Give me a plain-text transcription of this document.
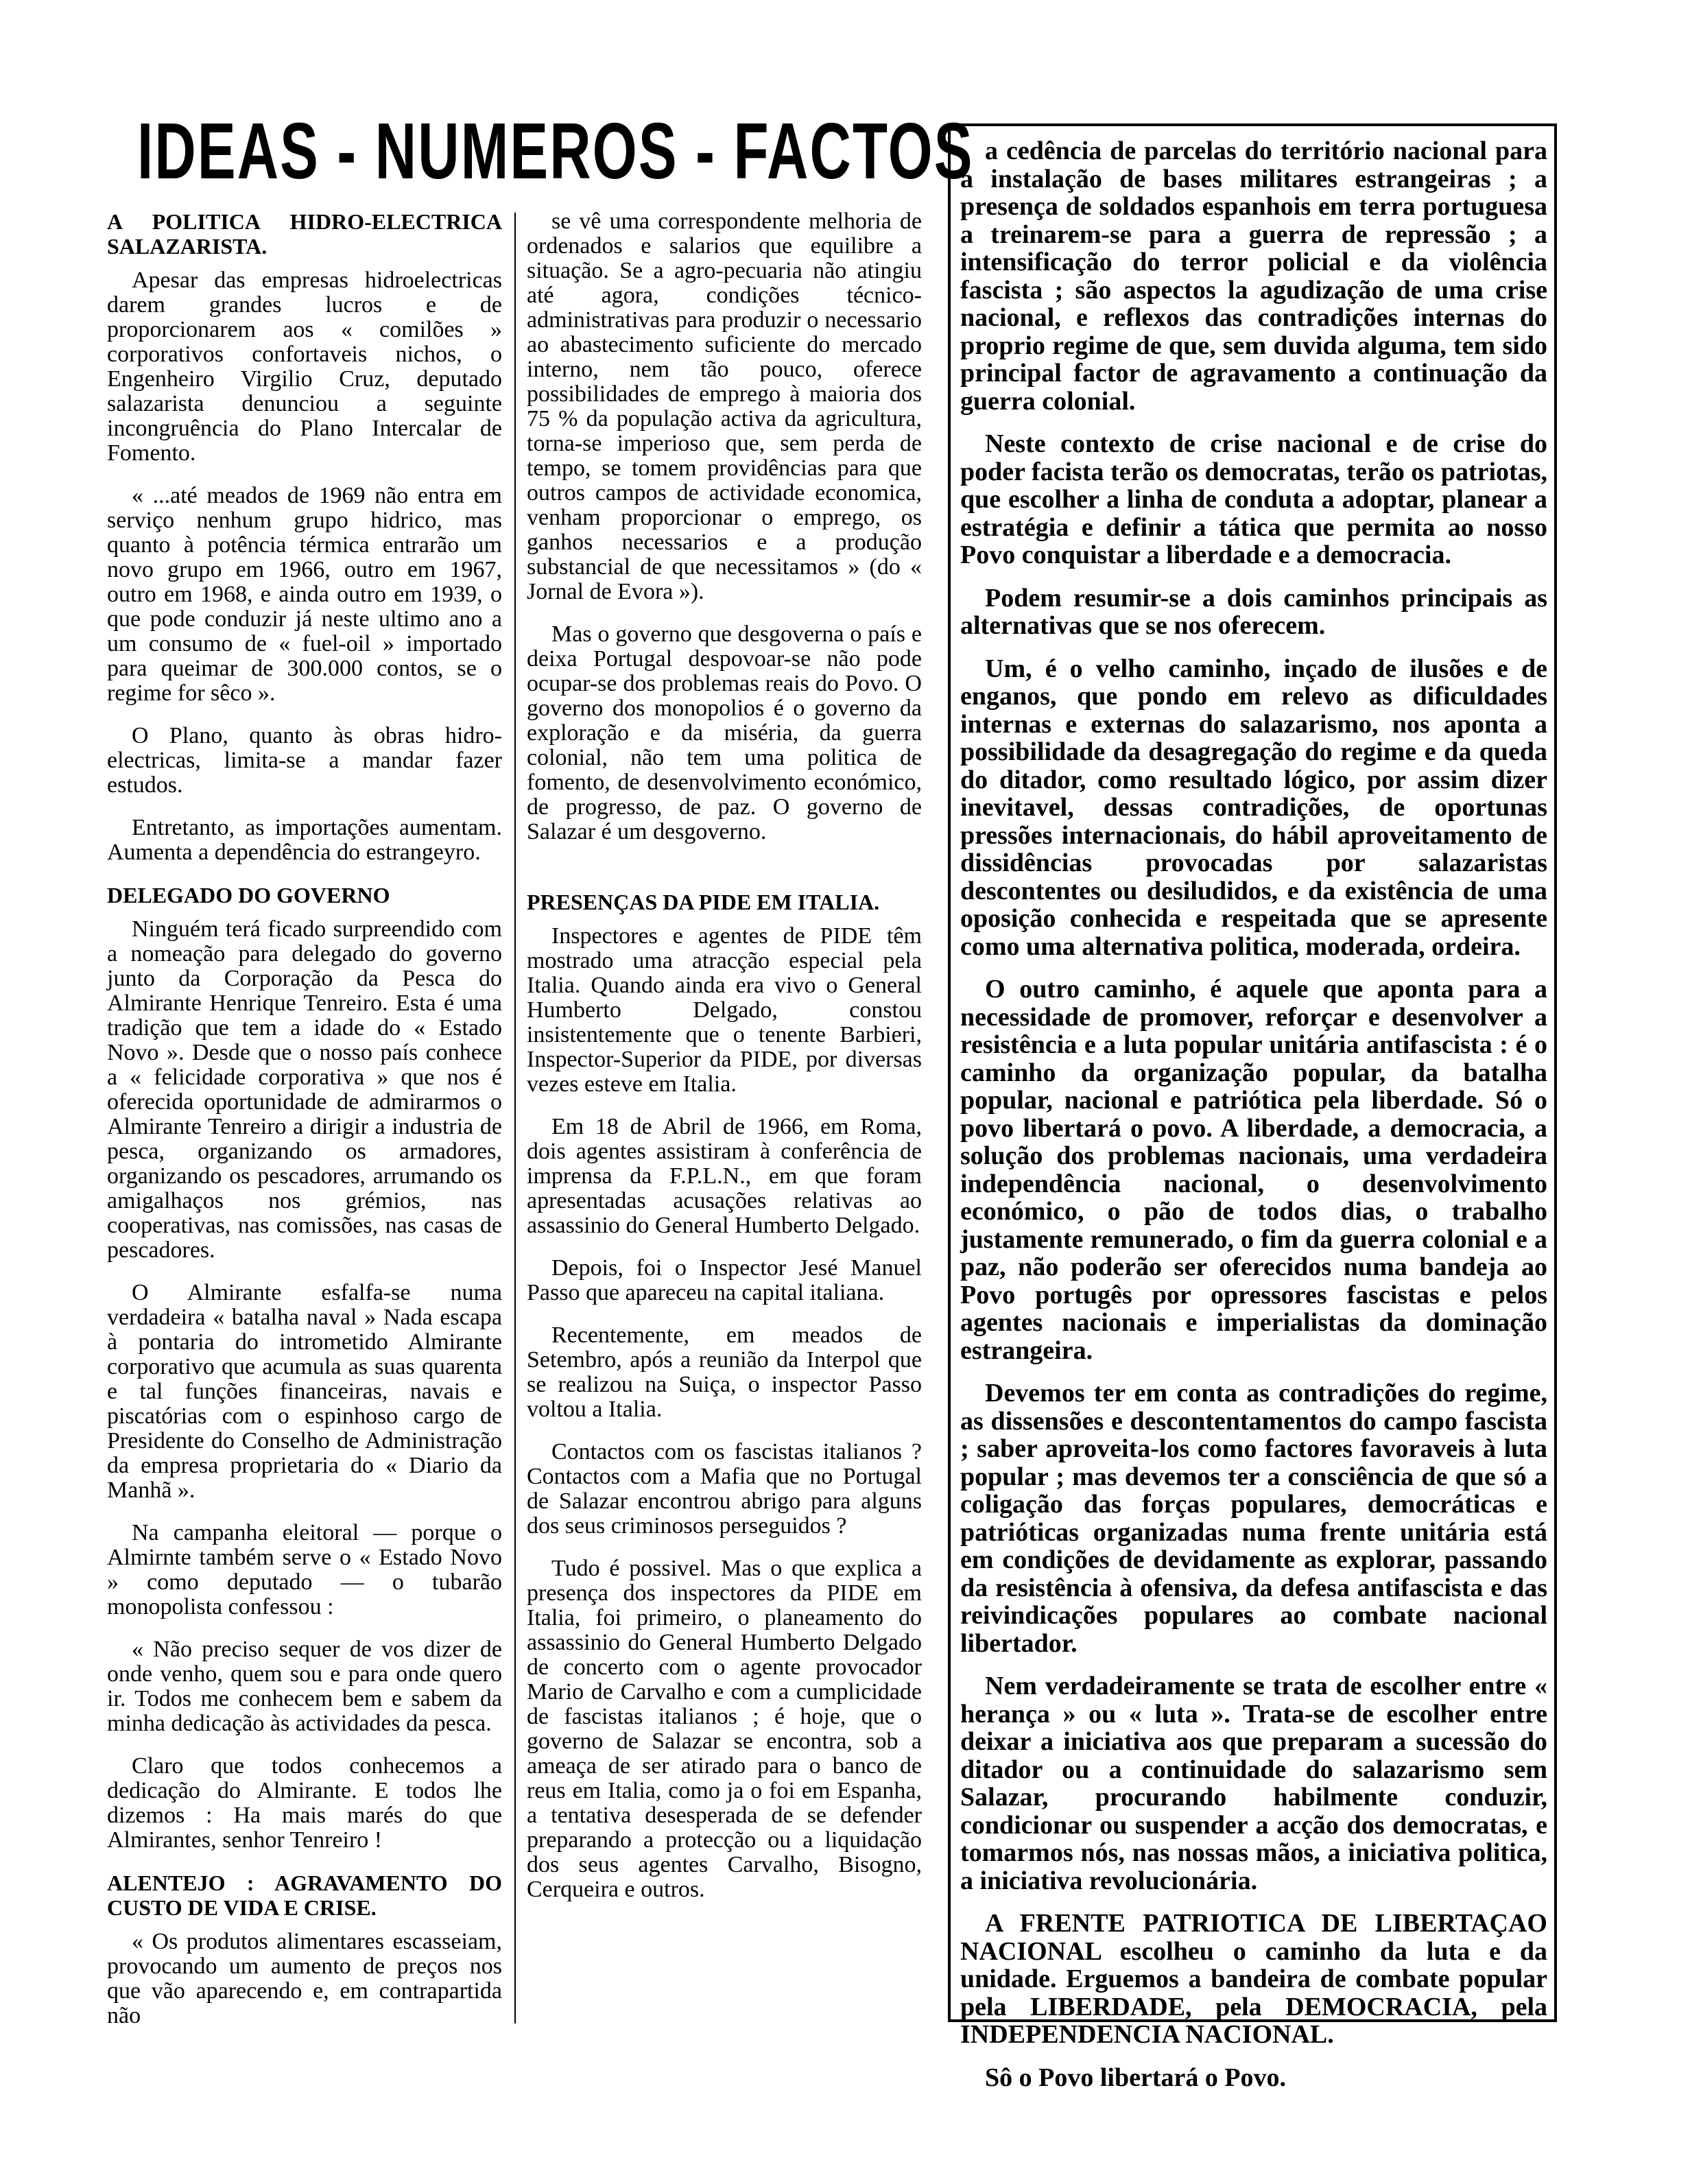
IDEAS - NUMEROS - FACTOS
A POLITICA HIDRO-ELECTRICA SALAZARISTA.

Apesar das empresas hidroelectricas darem grandes lucros e de proporcionarem aos « comilões » corporativos confortaveis nichos, o Engenheiro Virgilio Cruz, deputado salazarista denunciou a seguinte incongruência do Plano Intercalar de Fomento.

« ...até meados de 1969 não entra em serviço nenhum grupo hidrico, mas quanto à potência térmica entrarão um novo grupo em 1966, outro em 1967, outro em 1968, e ainda outro em 1939, o que pode conduzir já neste ultimo ano a um consumo de « fuel-oil » importado para queimar de 300.000 contos, se o regime for sêco ».

O Plano, quanto às obras hidro-electricas, limita-se a mandar fazer estudos.

Entretanto, as importações aumentam. Aumenta a dependência do estrangeyro.

DELEGADO DO GOVERNO

Ninguém terá ficado surpreendido com a nomeação para delegado do governo junto da Corporação da Pesca do Almirante Henrique Tenreiro. Esta é uma tradição que tem a idade do « Estado Novo ». Desde que o nosso país conhece a « felicidade corporativa » que nos é oferecida oportunidade de admirarmos o Almirante Tenreiro a dirigir a industria de pesca, organizando os armadores, organizando os pescadores, arrumando os amigalhaços nos grémios, nas cooperativas, nas comissões, nas casas de pescadores.

O Almirante esfalfa-se numa verdadeira « batalha naval » Nada escapa à pontaria do intrometido Almirante corporativo que acumula as suas quarenta e tal funções financeiras, navais e piscatórias com o espinhoso cargo de Presidente do Conselho de Administração da empresa proprietaria do « Diario da Manhã ».

Na campanha eleitoral — porque o Almirnte também serve o « Estado Novo » como deputado — o tubarão monopolista confessou :

« Não preciso sequer de vos dizer de onde venho, quem sou e para onde quero ir. Todos me conhecem bem e sabem da minha dedicação às actividades da pesca.

Claro que todos conhecemos a dedicação do Almirante. E todos lhe dizemos : Ha mais marés do que Almirantes, senhor Tenreiro !

ALENTEJO : AGRAVAMENTO DO CUSTO DE VIDA E CRISE.

« Os produtos alimentares escasseiam, provocando um aumento de preços nos que vão aparecendo e, em contrapartida não

se vê uma correspondente melhoria de ordenados e salarios que equilibre a situação. Se a agro-pecuaria não atingiu até agora, condições técnico-administrativas para produzir o necessario ao abastecimento suficiente do mercado interno, nem tão pouco, oferece possibilidades de emprego à maioria dos 75 % da população activa da agricultura, torna-se imperioso que, sem perda de tempo, se tomem providências para que outros campos de actividade economica, venham proporcionar o emprego, os ganhos necessarios e a produção substancial de que necessitamos » (do « Jornal de Evora »).

Mas o governo que desgoverna o país e deixa Portugal despovoar-se não pode ocupar-se dos problemas reais do Povo. O governo dos monopolios é o governo da exploração e da miséria, da guerra colonial, não tem uma politica de fomento, de desenvolvimento económico, de progresso, de paz. O governo de Salazar é um desgoverno.

PRESENÇAS DA PIDE EM ITALIA.

Inspectores e agentes de PIDE têm mostrado uma atracção especial pela Italia. Quando ainda era vivo o General Humberto Delgado, constou insistentemente que o tenente Barbieri, Inspector-Superior da PIDE, por diversas vezes esteve em Italia.

Em 18 de Abril de 1966, em Roma, dois agentes assistiram à conferência de imprensa da F.P.L.N., em que foram apresentadas acusações relativas ao assassinio do General Humberto Delgado.

Depois, foi o Inspector Jesé Manuel Passo que apareceu na capital italiana.

Recentemente, em meados de Setembro, após a reunião da Interpol que se realizou na Suiça, o inspector Passo voltou a Italia.

Contactos com os fascistas italianos ? Contactos com a Mafia que no Portugal de Salazar encontrou abrigo para alguns dos seus criminosos perseguidos ?

Tudo é possivel. Mas o que explica a presença dos inspectores da PIDE em Italia, foi primeiro, o planeamento do assassinio do General Humberto Delgado de concerto com o agente provocador Mario de Carvalho e com a cumplicidade de fascistas italianos ; é hoje, que o governo de Salazar se encontra, sob a ameaça de ser atirado para o banco de reus em Italia, como ja o foi em Espanha, a tentativa desesperada de se defender preparando a protecção ou a liquidação dos seus agentes Carvalho, Bisogno, Cerqueira e outros.

a cedência de parcelas do território nacional para a instalação de bases militares estrangeiras ; a presença de soldados espanhois em terra portuguesa a treinarem-se para a guerra de repressão ; a intensificação do terror policial e da violência fascista ; são aspectos la agudização de uma crise nacional, e reflexos das contradições internas do proprio regime de que, sem duvida alguma, tem sido principal factor de agravamento a continuação da guerra colonial.

Neste contexto de crise nacional e de crise do poder facista terão os democratas, terão os patriotas, que escolher a linha de conduta a adoptar, planear a estratégia e definir a tática que permita ao nosso Povo conquistar a liberdade e a democracia.

Podem resumir-se a dois caminhos principais as alternativas que se nos oferecem.

Um, é o velho caminho, inçado de ilusões e de enganos, que pondo em relevo as dificuldades internas e externas do salazarismo, nos aponta a possibilidade da desagregação do regime e da queda do ditador, como resultado lógico, por assim dizer inevitavel, dessas contradições, de oportunas pressões internacionais, do hábil aproveitamento de dissidências provocadas por salazaristas descontentes ou desiludidos, e da existência de uma oposição conhecida e respeitada que se apresente como uma alternativa politica, moderada, ordeira.

O outro caminho, é aquele que aponta para a necessidade de promover, reforçar e desenvolver a resistência e a luta popular unitária antifascista : é o caminho da organização popular, da batalha popular, nacional e patriótica pela liberdade. Só o povo libertará o povo. A liberdade, a democracia, a solução dos problemas nacionais, uma verdadeira independência nacional, o desenvolvimento económico, o pão de todos dias, o trabalho justamente remunerado, o fim da guerra colonial e a paz, não poderão ser oferecidos numa bandeja ao Povo portugês por opressores fascistas e pelos agentes nacionais e imperialistas da dominação estrangeira.

Devemos ter em conta as contradições do regime, as dissensões e descontentamentos do campo fascista ; saber aproveita-los como factores favoraveis à luta popular ; mas devemos ter a consciência de que só a coligação das forças populares, democráticas e patrióticas organizadas numa frente unitária está em condições de devidamente as explorar, passando da resistência à ofensiva, da defesa antifascista e das reivindicações populares ao combate nacional libertador.

Nem verdadeiramente se trata de escolher entre « herança » ou « luta ». Trata-se de escolher entre deixar a iniciativa aos que preparam a sucessão do ditador ou a continuidade do salazarismo sem Salazar, procurando habilmente conduzir, condicionar ou suspender a acção dos democratas, e tomarmos nós, nas nossas mãos, a iniciativa politica, a iniciativa revolucionária.

A FRENTE PATRIOTICA DE LIBERTAÇAO NACIONAL escolheu o caminho da luta e da unidade. Erguemos a bandeira de combate popular pela LIBERDADE, pela DEMOCRACIA, pela INDEPENDENCIA NACIONAL.

Sô o Povo libertará o Povo.
